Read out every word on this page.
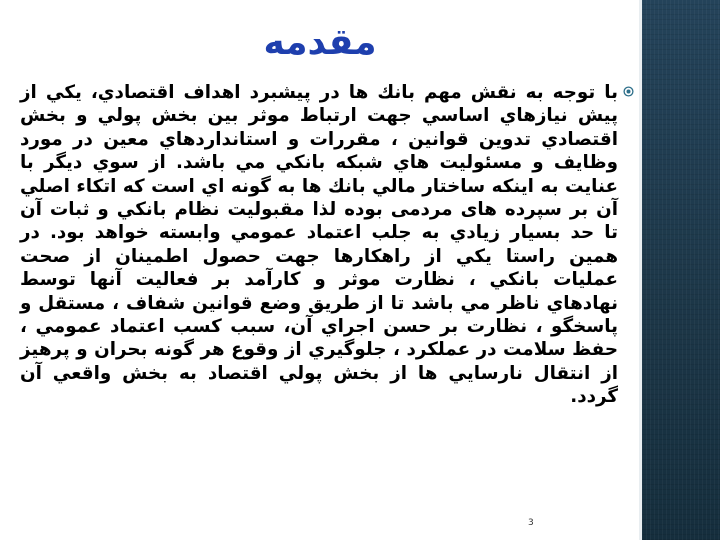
مقدمه

با توجه به نقش مهم بانك ها در پيشبرد اهداف اقتصادي، يكي از پيش نيازهاي اساسي جهت ارتباط موثر بين بخش پولي و بخش اقتصادي تدوين قوانين ، مقررات و استانداردهاي معين در مورد وظايف و مسئوليت هاي شبكه بانكي مي باشد. از سوي ديگر با عنايت به اينكه ساختار مالي بانك ها به گونه اي است كه اتكاء اصلي آن بر سپرده های مردمی بوده لذا مقبوليت نظام بانكي و ثبات آن تا حد بسيار زيادي به جلب اعتماد عمومي وابسته خواهد بود. در همين راستا يكي از راهكارها جهت حصول اطمينان از صحت عمليات بانكي ، نظارت موثر و كارآمد بر فعاليت آنها توسط نهادهاي ناظر مي باشد تا از طريق وضع قوانين شفاف ، مستقل و پاسخگو ، نظارت بر حسن اجراي آن، سبب كسب اعتماد عمومي ، حفظ سلامت در عملكرد ، جلوگيري از وقوع هر گونه بحران و پرهيز از انتقال نارسايي ها از بخش پولي اقتصاد به بخش واقعي آن گردد.

3
